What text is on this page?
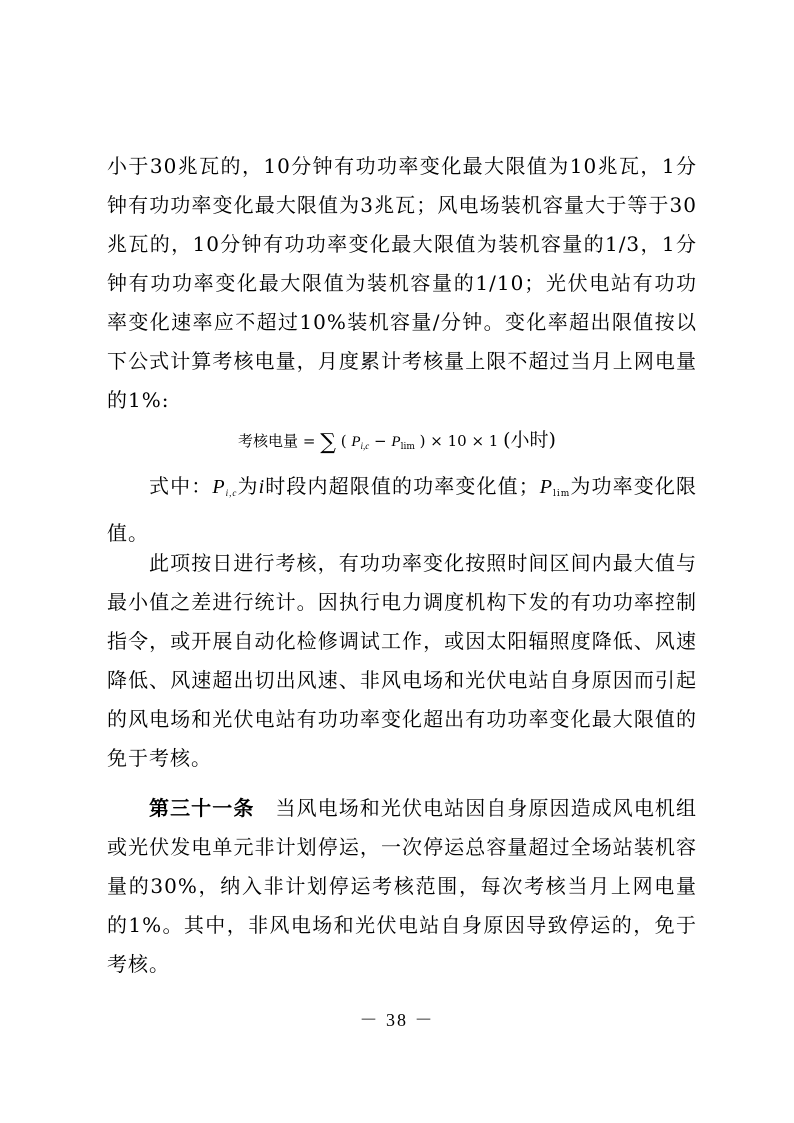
小于30兆瓦的，10分钟有功功率变化最大限值为10兆瓦，1分钟有功功率变化最大限值为3兆瓦；风电场装机容量大于等于30兆瓦的，10分钟有功功率变化最大限值为装机容量的1/3，1分钟有功功率变化最大限值为装机容量的1/10；光伏电站有功功率变化速率应不超过10%装机容量/分钟。变化率超出限值按以下公式计算考核电量，月度累计考核量上限不超过当月上网电量的1%:

考核电量 = ∑ ( $P_{i,c} - P_{lim}$ ) × 10 × 1 (小时)

式中：$P_{i,c}$为i时段内超限值的功率变化值；$P_{lim}$为功率变化限值。

此项按日进行考核，有功功率变化按照时间区间内最大值与最小值之差进行统计。因执行电力调度机构下发的有功功率控制指令，或开展自动化检修调试工作，或因太阳辐照度降低、风速降低、风速超出切出风速、非风电场和光伏电站自身原因而引起的风电场和光伏电站有功功率变化超出有功功率变化最大限值的免于考核。

第三十一条　当风电场和光伏电站因自身原因造成风电机组或光伏发电单元非计划停运，一次停运总容量超过全场站装机容量的30%，纳入非计划停运考核范围，每次考核当月上网电量的1%。其中，非风电场和光伏电站自身原因导致停运的，免于考核。

－ 38 －
